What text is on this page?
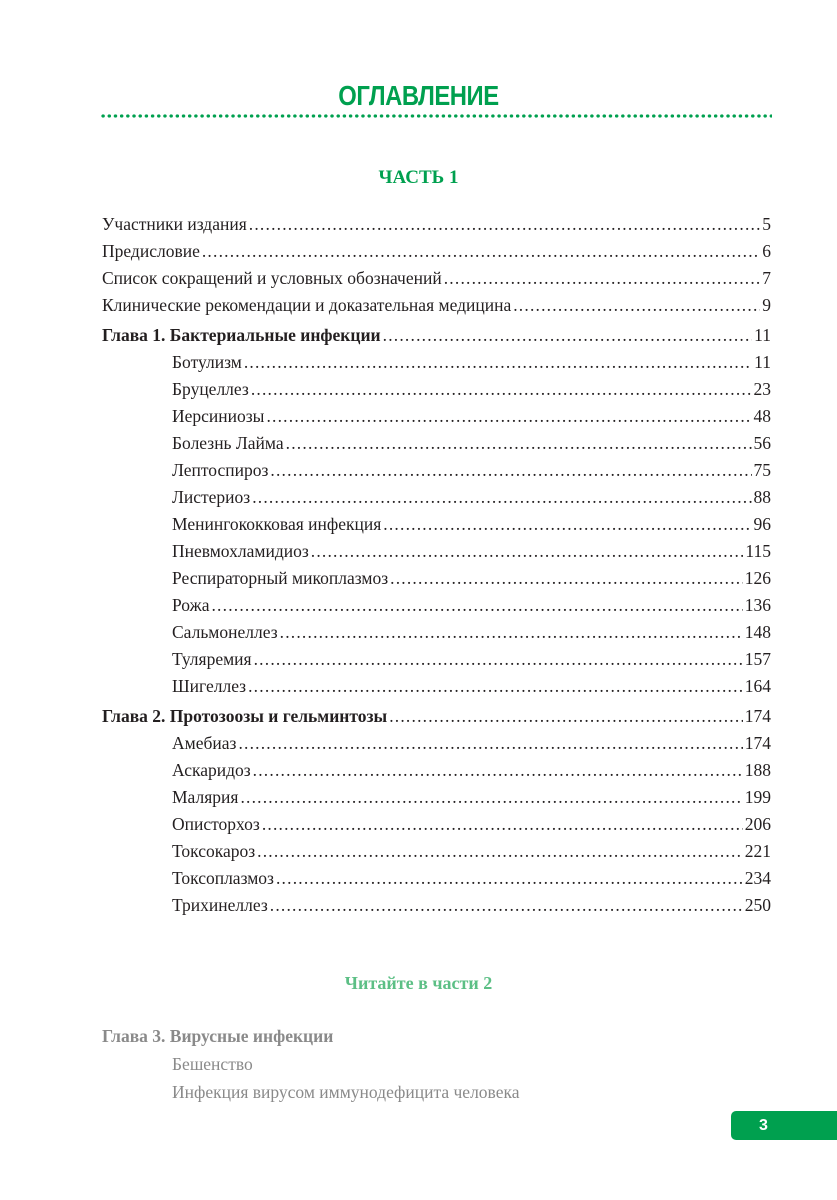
ОГЛАВЛЕНИЕ
ЧАСТЬ 1
Участники издания .....	5
Предисловие .....	6
Список сокращений и условных обозначений .....	7
Клинические рекомендации и доказательная медицина .....	9
Глава 1. Бактериальные инфекции .....	11
Ботулизм .....	11
Бруцеллез .....	23
Иерсиниозы .....	48
Болезнь Лайма .....	56
Лептоспироз .....	75
Листериоз .....	88
Менингококковая инфекция .....	96
Пневмохламидиоз .....	115
Респираторный микоплазмоз .....	126
Рожа .....	136
Сальмонеллез .....	148
Туляремия .....	157
Шигеллез .....	164
Глава 2. Протозоозы и гельминтозы .....	174
Амебиаз .....	174
Аскаридоз .....	188
Малярия .....	199
Описторхоз .....	206
Токсокароз .....	221
Токсоплазмоз .....	234
Трихинеллез .....	250
Читайте в части 2
Глава 3. Вирусные инфекции
Бешенство
Инфекция вирусом иммунодефицита человека
3
